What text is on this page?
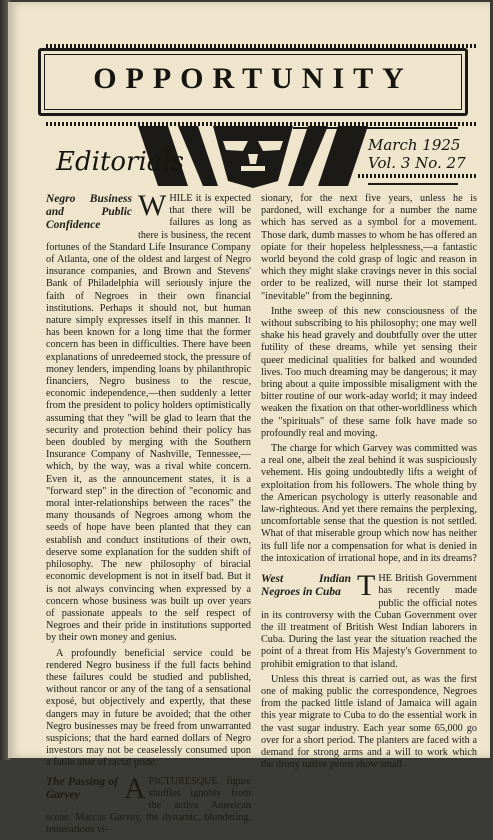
OPPORTUNITY
Editorials
March 1925
Vol. 3 No. 27

Negro Business and Public Confidence
W HILE it is expected that there will be failures as long as there is business, the recent fortunes of the Standard Life Insurance Company of Atlanta, one of the oldest and largest of Negro insurance companies, and Brown and Stevens' Bank of Philadelphia will seriously injure the faith of Negroes in their own financial institutions. Perhaps it should not, but human nature simply expresses itself in this manner. It has been known for a long time that the former concern has been in difficulties. There have been explanations of unredeemed stock, the pressure of money lenders, impending loans by philanthropic financiers, Negro business to the rescue, economic independence,—then suddenly a letter from the president to policy holders optimistically assuming that they "will be glad to learn that the security and protection behind their policy has been doubled by merging with the Southern Insurance Company of Nashville, Tennessee,—which, by the way, was a rival white concern. Even it, as the announcement states, it is a "forward step" in the direction of "economic and moral inter-relationships between the races" the many thousands of Negroes among whom the seeds of hope have been planted that they can establish and conduct institutions of their own, deserve some explanation for the sudden shift of philosophy. The new philosophy of biracial economic development is not in itself bad. But it is not always convincing when expressed by a concern whose business was built up over years of passionate appeals to the self respect of Negroes and their pride in institutions supported by their own money and genius.

A profoundly beneficial service could be rendered Negro business if the full facts behind these failures could be studied and published, without rancor or any of the tang of a sensational exposé, but objectively and expertly, that these dangers may in future be avoided; that the other Negro businesses may be freed from unwarranted suspicions; that the hard earned dollars of Negro investors may not be ceaselessly consumed upon a futile altar of racial pride.

The Passing of Garvey	A PICTURESQUE figure shuffles ignobly from the active American scene. Marcus Garvey, the dynamic, blundering, temerarious vi-

sionary, for the next five years, unless he is pardoned, will exchange for a number the name which has served as a symbol for a movement. Those dark, dumb masses to whom he has offered an opiate for their hopeless helplessness,—a fantastic world beyond the cold grasp of logic and reason in which they might slake cravings never in this social order to be realized, will nurse their lot stamped "inevitable" from the beginning.

Inthe sweep of this new consciousness of the without subscribing to his philosophy; one may well shake his head gravely and doubtfully over the utter futility of these dreams, while yet sensing their queer medicinal qualities for balked and wounded lives. Too much dreaming may be dangerous; it may bring about a quite impossible misaligment with the bitter routine of our work-aday world; it may indeed weaken the fixation on that other-worldliness which the "spirituals" of these same folk have made so profoundly real and moving.

The charge for which Garvey was committed was a real one, albeit the zeal behind it was suspiciously vehement. His going undoubtedly lifts a weight of exploitation from his followers. The whole thing by the American psychology is utterly reasonable and law-righteous. And yet there remains the perplexing, uncomfortable sense that the question is not settled. What of that miserable group which now has neither its full life nor a compensation for what is denied in the intoxication of irrational hope, and in its dreams?

West Indian Negroes in Cuba T HE British Government has recently made public the official notes in its controversy with the Cuban Government over the ill treatment of British West Indian laborers in Cuba. During the last year the situation reached the point of a threat from His Majesty's Government to prohibit emigration to that island.

Unless this threat is carried out, as was the first one of making public the correspondence, Negroes from the packed little island of Jamaica will again this year migrate to Cuba to do the essential work in the vast sugar industry. Each year some 65,000 go over for a short period. The planters are faced with a demand for strong arms and a will to work which the drony native peons show small
